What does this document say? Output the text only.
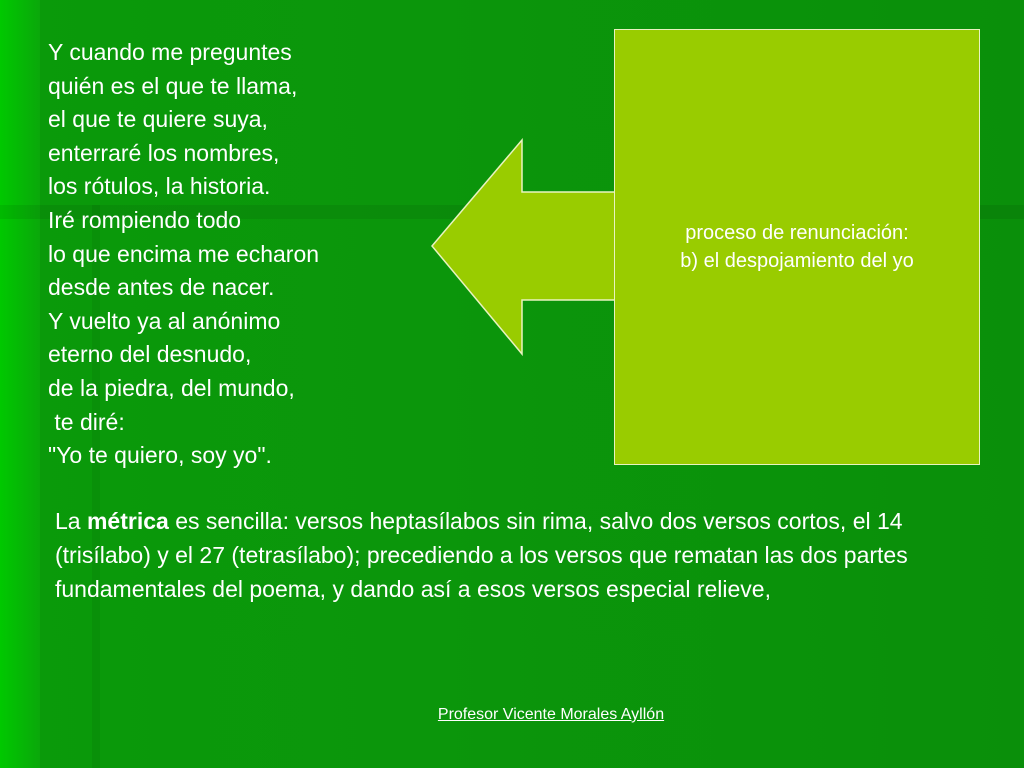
Y cuando me preguntes
quién es el que te llama,
el que te quiere suya,
enterraré los nombres,
los rótulos, la historia.
Iré rompiendo todo
lo que encima me echaron
desde antes de nacer.
Y vuelto ya al anónimo
eterno del desnudo,
de la piedra, del mundo,
te diré:
"Yo te quiero, soy yo".
proceso de renunciación:
b) el despojamiento del yo
La métrica es sencilla: versos heptasílabos sin rima, salvo dos versos cortos, el 14 (trisílabo) y el 27 (tetrasílabo); precediendo a los versos que rematan las dos partes fundamentales del poema, y dando así a esos versos especial relieve,
Profesor Vicente Morales Ayllón
